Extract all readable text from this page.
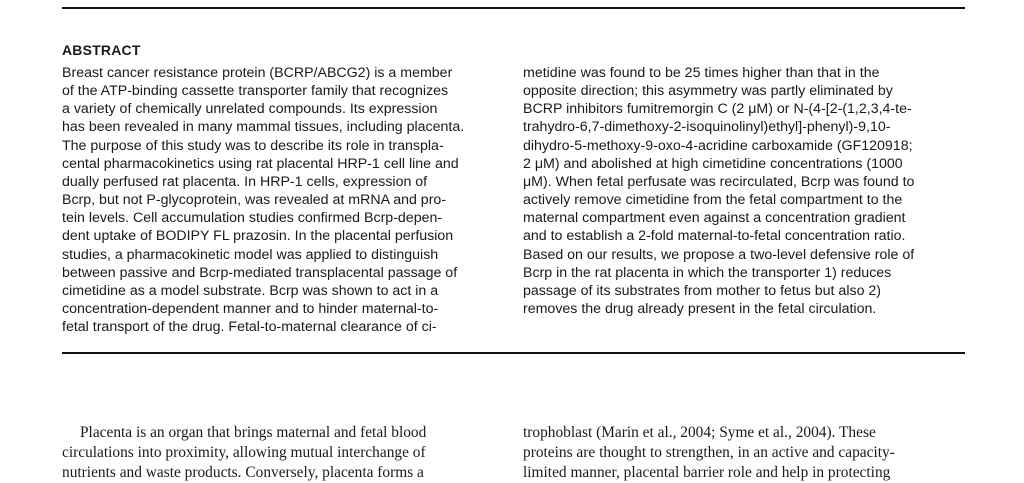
ABSTRACT
Breast cancer resistance protein (BCRP/ABCG2) is a member
of the ATP-binding cassette transporter family that recognizes
a variety of chemically unrelated compounds. Its expression
has been revealed in many mammal tissues, including placenta.
The purpose of this study was to describe its role in transpla-
cental pharmacokinetics using rat placental HRP-1 cell line and
dually perfused rat placenta. In HRP-1 cells, expression of
Bcrp, but not P-glycoprotein, was revealed at mRNA and pro-
tein levels. Cell accumulation studies confirmed Bcrp-depen-
dent uptake of BODIPY FL prazosin. In the placental perfusion
studies, a pharmacokinetic model was applied to distinguish
between passive and Bcrp-mediated transplacental passage of
cimetidine as a model substrate. Bcrp was shown to act in a
concentration-dependent manner and to hinder maternal-to-
fetal transport of the drug. Fetal-to-maternal clearance of ci-
metidine was found to be 25 times higher than that in the
opposite direction; this asymmetry was partly eliminated by
BCRP inhibitors fumitremorgin C (2 μM) or N-(4-[2-(1,2,3,4-te-
trahydro-6,7-dimethoxy-2-isoquinolinyl)ethyl]-phenyl)-9,10-
dihydro-5-methoxy-9-oxo-4-acridine carboxamide (GF120918;
2 μM) and abolished at high cimetidine concentrations (1000
μM). When fetal perfusate was recirculated, Bcrp was found to
actively remove cimetidine from the fetal compartment to the
maternal compartment even against a concentration gradient
and to establish a 2-fold maternal-to-fetal concentration ratio.
Based on our results, we propose a two-level defensive role of
Bcrp in the rat placenta in which the transporter 1) reduces
passage of its substrates from mother to fetus but also 2)
removes the drug already present in the fetal circulation.
Placenta is an organ that brings maternal and fetal blood
circulations into proximity, allowing mutual interchange of
nutrients and waste products. Conversely, placenta forms a
trophoblast (Marin et al., 2004; Syme et al., 2004). These
proteins are thought to strengthen, in an active and capacity-
limited manner, placental barrier role and help in protecting
